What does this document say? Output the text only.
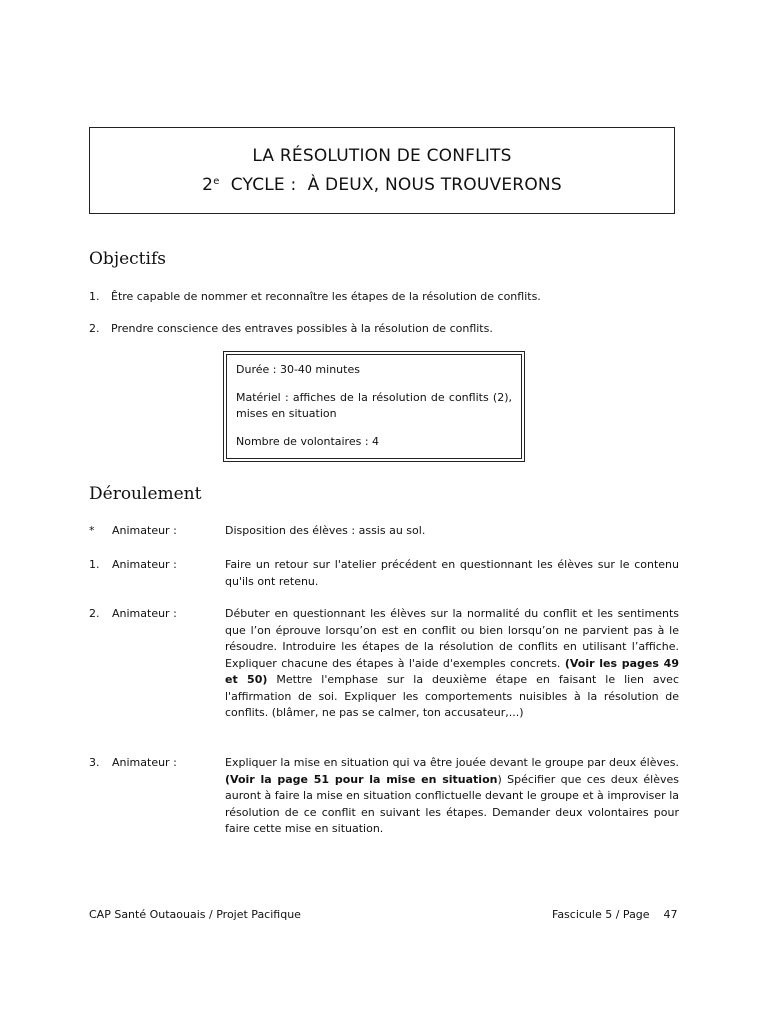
LA RÉSOLUTION DE CONFLITS
2e  CYCLE :  À DEUX, NOUS TROUVERONS
Objectifs
1. Être capable de nommer et reconnaître les étapes de la résolution de conflits.
2. Prendre conscience des entraves possibles à la résolution de conflits.

Durée : 30-40 minutes

Matériel : affiches de la résolution de conflits (2), mises en situation

Nombre de volontaires : 4

Déroulement
* Animateur :	Disposition des élèves : assis au sol.
1. Animateur :	Faire un retour sur l'atelier précédent en questionnant les élèves sur le contenu qu'ils ont retenu.
2. Animateur :	Débuter en questionnant les élèves sur la normalité du conflit et les sentiments que l’on éprouve lorsqu’on est en conflit ou bien lorsqu’on ne parvient pas à le résoudre. Introduire les étapes de la résolution de conflits en utilisant l’affiche. Expliquer chacune des étapes à l'aide d'exemples concrets. (Voir les pages 49 et 50) Mettre l'emphase sur la deuxième étape en faisant le lien avec l'affirmation de soi. Expliquer les comportements nuisibles à la résolution de conflits. (blâmer, ne pas se calmer, ton accusateur,...)
3. Animateur :	Expliquer la mise en situation qui va être jouée devant le groupe par deux élèves. (Voir la page 51 pour la mise en situation) Spécifier que ces deux élèves auront à faire la mise en situation conflictuelle devant le groupe et à improviser la résolution de ce conflit en suivant les étapes. Demander deux volontaires pour faire cette mise en situation.
CAP Santé Outaouais / Projet Pacifique	Fascicule 5 / Page    47
